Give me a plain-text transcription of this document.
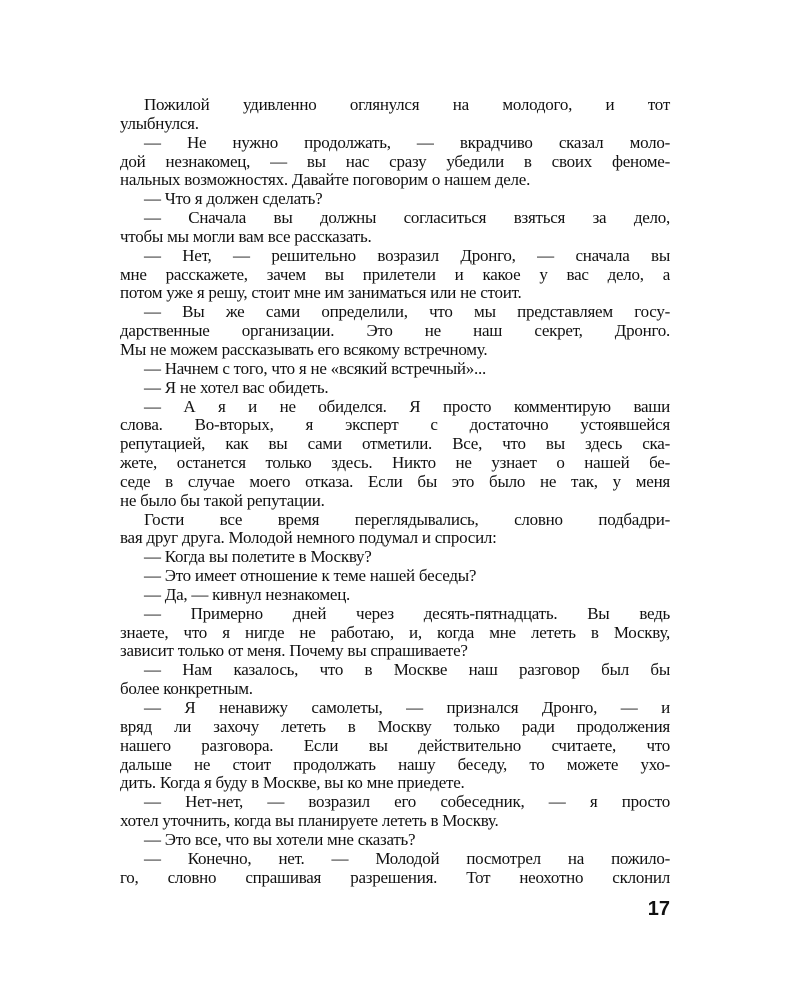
Пожилой удивленно оглянулся на молодого, и тот
улыбнулся.
— Не нужно продолжать, — вкрадчиво сказал моло-
дой незнакомец, — вы нас сразу убедили в своих феноме-
нальных возможностях. Давайте поговорим о нашем деле.
— Что я должен сделать?
— Сначала вы должны согласиться взяться за дело,
чтобы мы могли вам все рассказать.
— Нет, — решительно возразил Дронго, — сначала вы
мне расскажете, зачем вы прилетели и какое у вас дело, а
потом уже я решу, стоит мне им заниматься или не стоит.
— Вы же сами определили, что мы представляем госу-
дарственные организации. Это не наш секрет, Дронго.
Мы не можем рассказывать его всякому встречному.
— Начнем с того, что я не «всякий встречный»...
— Я не хотел вас обидеть.
— А я и не обиделся. Я просто комментирую ваши
слова. Во-вторых, я эксперт с достаточно устоявшейся
репутацией, как вы сами отметили. Все, что вы здесь ска-
жете, останется только здесь. Никто не узнает о нашей бе-
седе в случае моего отказа. Если бы это было не так, у меня
не было бы такой репутации.
Гости все время переглядывались, словно подбадри-
вая друг друга. Молодой немного подумал и спросил:
— Когда вы полетите в Москву?
— Это имеет отношение к теме нашей беседы?
— Да, — кивнул незнакомец.
— Примерно дней через десять-пятнадцать. Вы ведь
знаете, что я нигде не работаю, и, когда мне лететь в Москву,
зависит только от меня. Почему вы спрашиваете?
— Нам казалось, что в Москве наш разговор был бы
более конкретным.
— Я ненавижу самолеты, — признался Дронго, — и
вряд ли захочу лететь в Москву только ради продолжения
нашего разговора. Если вы действительно считаете, что
дальше не стоит продолжать нашу беседу, то можете ухо-
дить. Когда я буду в Москве, вы ко мне приедете.
— Нет-нет, — возразил его собеседник, — я просто
хотел уточнить, когда вы планируете лететь в Москву.
— Это все, что вы хотели мне сказать?
— Конечно, нет. — Молодой посмотрел на пожило-
го, словно спрашивая разрешения. Тот неохотно склонил
17
